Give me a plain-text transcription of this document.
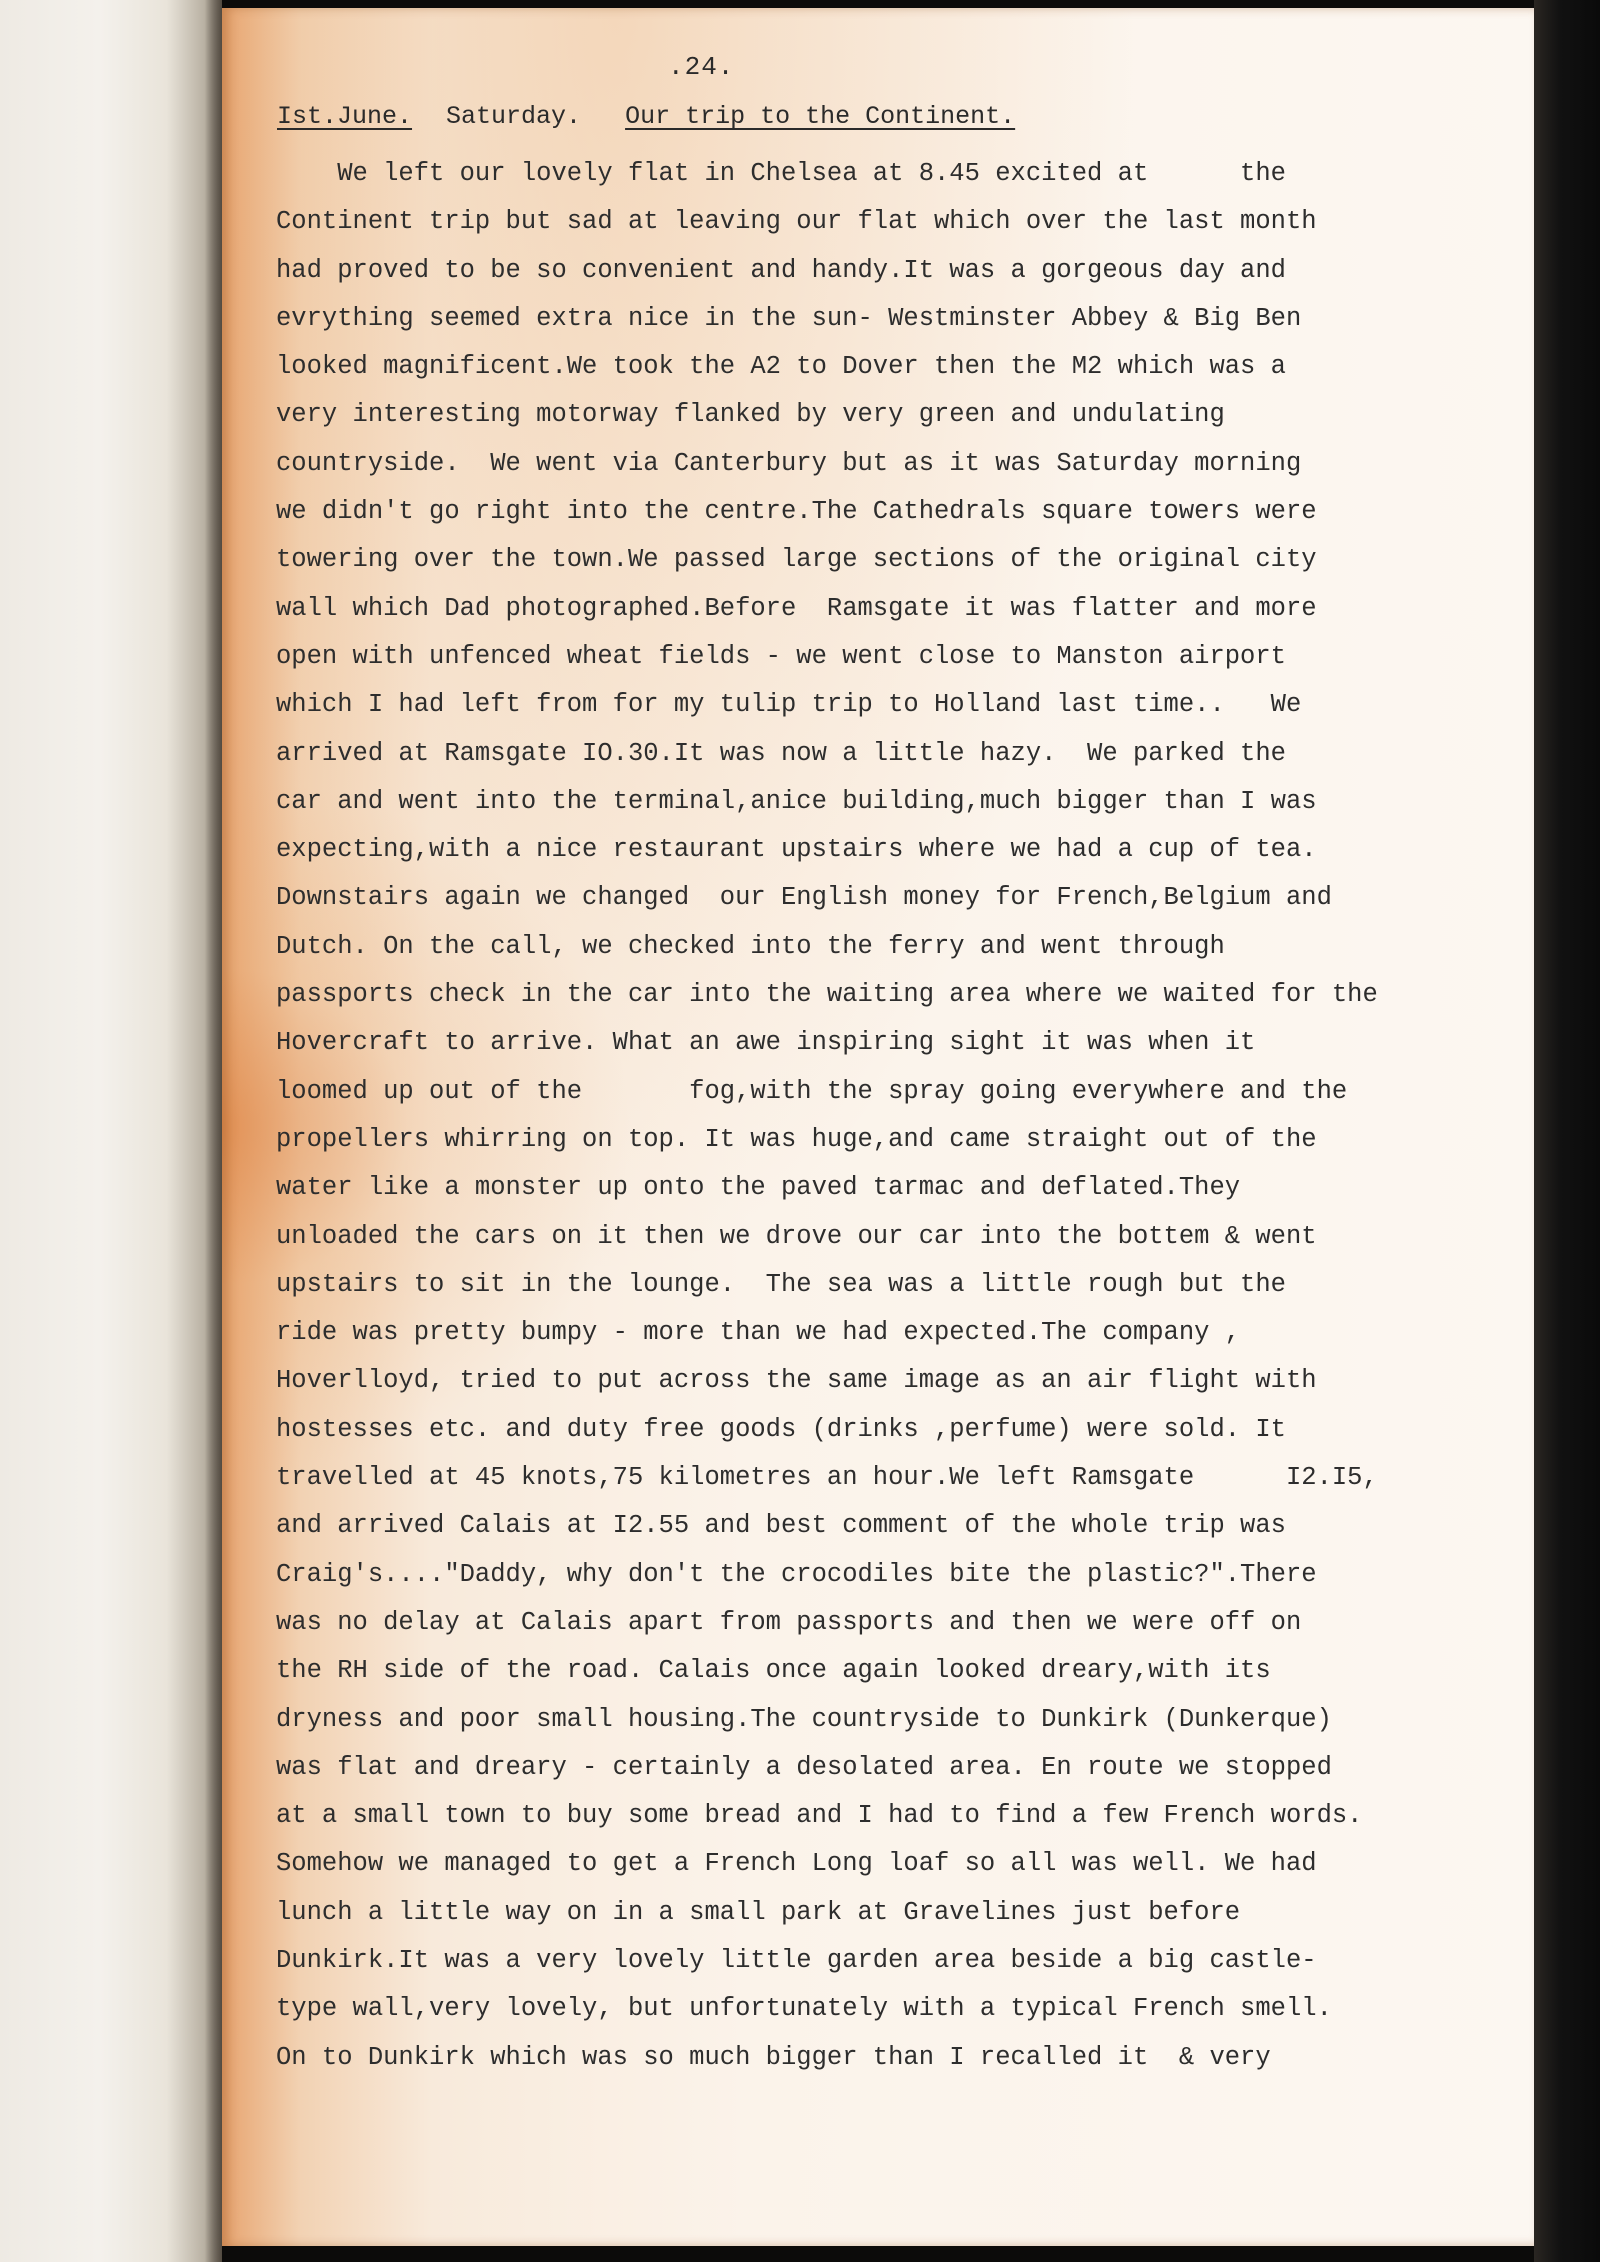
.24.
Ist.June. Saturday. Our trip to the Continent.
We left our lovely flat in Chelsea at 8.45 excited at      the
Continent trip but sad at leaving our flat which over the last month
had proved to be so convenient and handy.It was a gorgeous day and
evrything seemed extra nice in the sun- Westminster Abbey & Big Ben
looked magnificent.We took the A2 to Dover then the M2 which was a
very interesting motorway flanked by very green and undulating
countryside.  We went via Canterbury but as it was Saturday morning
we didn't go right into the centre.The Cathedrals square towers were
towering over the town.We passed large sections of the original city
wall which Dad photographed.Before  Ramsgate it was flatter and more
open with unfenced wheat fields - we went close to Manston airport
which I had left from for my tulip trip to Holland last time..   We
arrived at Ramsgate IO.30.It was now a little hazy.  We parked the
car and went into the terminal,anice building,much bigger than I was
expecting,with a nice restaurant upstairs where we had a cup of tea.
Downstairs again we changed  our English money for French,Belgium and
Dutch. On the call, we checked into the ferry and went through
passports check in the car into the waiting area where we waited for the
Hovercraft to arrive. What an awe inspiring sight it was when it
loomed up out of the       fog,with the spray going everywhere and the
propellers whirring on top. It was huge,and came straight out of the
water like a monster up onto the paved tarmac and deflated.They
unloaded the cars on it then we drove our car into the bottem & went
upstairs to sit in the lounge.  The sea was a little rough but the
ride was pretty bumpy - more than we had expected.The company ,
Hoverlloyd, tried to put across the same image as an air flight with
hostesses etc. and duty free goods (drinks ,perfume) were sold. It
travelled at 45 knots,75 kilometres an hour.We left Ramsgate      I2.I5,
and arrived Calais at I2.55 and best comment of the whole trip was
Craig's...."Daddy, why don't the crocodiles bite the plastic?".There
was no delay at Calais apart from passports and then we were off on
the RH side of the road. Calais once again looked dreary,with its
dryness and poor small housing.The countryside to Dunkirk (Dunkerque)
was flat and dreary - certainly a desolated area. En route we stopped
at a small town to buy some bread and I had to find a few French words.
Somehow we managed to get a French Long loaf so all was well. We had
lunch a little way on in a small park at Gravelines just before
Dunkirk.It was a very lovely little garden area beside a big castle-
type wall,very lovely, but unfortunately with a typical French smell.
On to Dunkirk which was so much bigger than I recalled it  & very
